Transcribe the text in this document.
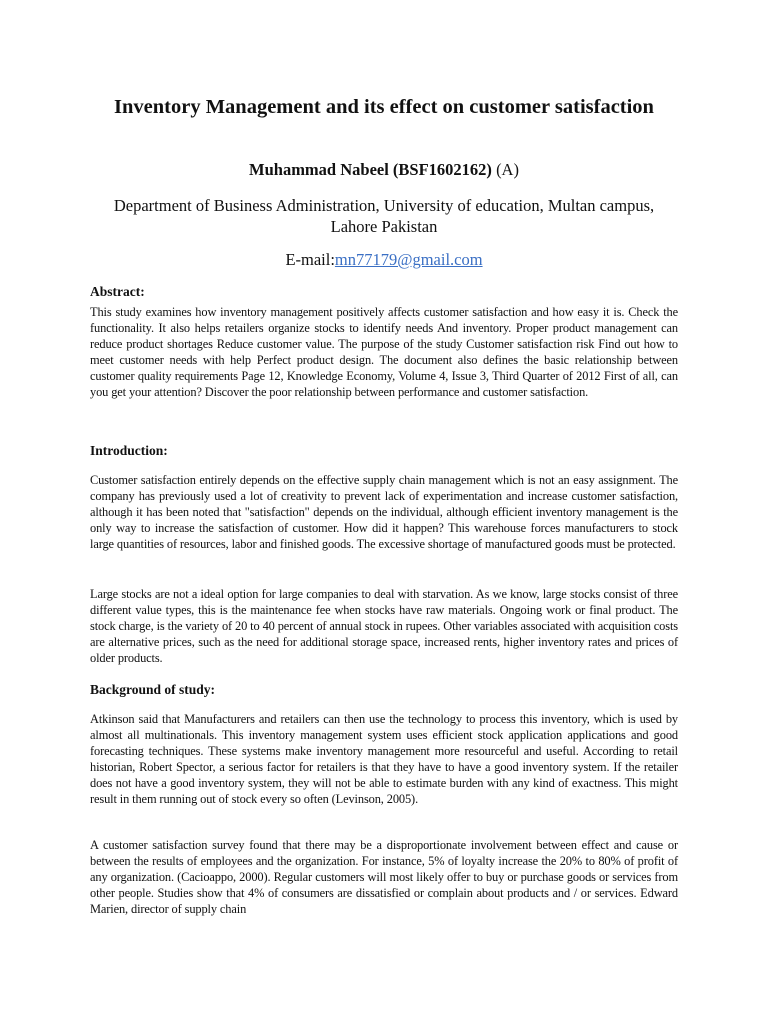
Inventory Management and its effect on customer satisfaction
Muhammad Nabeel (BSF1602162) (A)
Department of Business Administration, University of education, Multan campus, Lahore Pakistan
E-mail:mn77179@gmail.com
Abstract:

This study examines how inventory management positively affects customer satisfaction and how easy it is. Check the functionality. It also helps retailers organize stocks to identify needs And inventory. Proper product management can reduce product shortages Reduce customer value. The purpose of the study Customer satisfaction risk Find out how to meet customer needs with help Perfect product design. The document also defines the basic relationship between customer quality requirements Page 12, Knowledge Economy, Volume 4, Issue 3, Third Quarter of 2012 First of all, can you get your attention? Discover the poor relationship between performance and customer satisfaction.

Introduction:

Customer satisfaction entirely depends on the effective supply chain management which is not an easy assignment. The company has previously used a lot of creativity to prevent lack of experimentation and increase customer satisfaction, although it has been noted that "satisfaction" depends on the individual, although efficient inventory management is the only way to increase the satisfaction of customer. How did it happen? This warehouse forces manufacturers to stock large quantities of resources, labor and finished goods. The excessive shortage of manufactured goods must be protected.

Large stocks are not a ideal option for large companies to deal with starvation. As we know, large stocks consist of three different value types, this is the maintenance fee when stocks have raw materials. Ongoing work or final product. The stock charge, is the variety of 20 to 40 percent of annual stock in rupees. Other variables associated with acquisition costs are alternative prices, such as the need for additional storage space, increased rents, higher inventory rates and prices of older products.

Background of study:

Atkinson said that Manufacturers and retailers can then use the technology to process this inventory, which is used by almost all multinationals. This inventory management system uses efficient stock application applications and good forecasting techniques. These systems make inventory management more resourceful and useful. According to retail historian, Robert Spector, a serious factor for retailers is that they have to have a good inventory system. If the retailer does not have a good inventory system, they will not be able to estimate burden with any kind of exactness. This might result in them running out of stock every so often (Levinson, 2005).

A customer satisfaction survey found that there may be a disproportionate involvement between effect and cause or between the results of employees and the organization. For instance, 5% of loyalty increase the 20% to 80% of profit of any organization. (Cacioappo, 2000). Regular customers will most likely offer to buy or purchase goods or services from other people. Studies show that 4% of consumers are dissatisfied or complain about products and / or services. Edward Marien, director of supply chain
